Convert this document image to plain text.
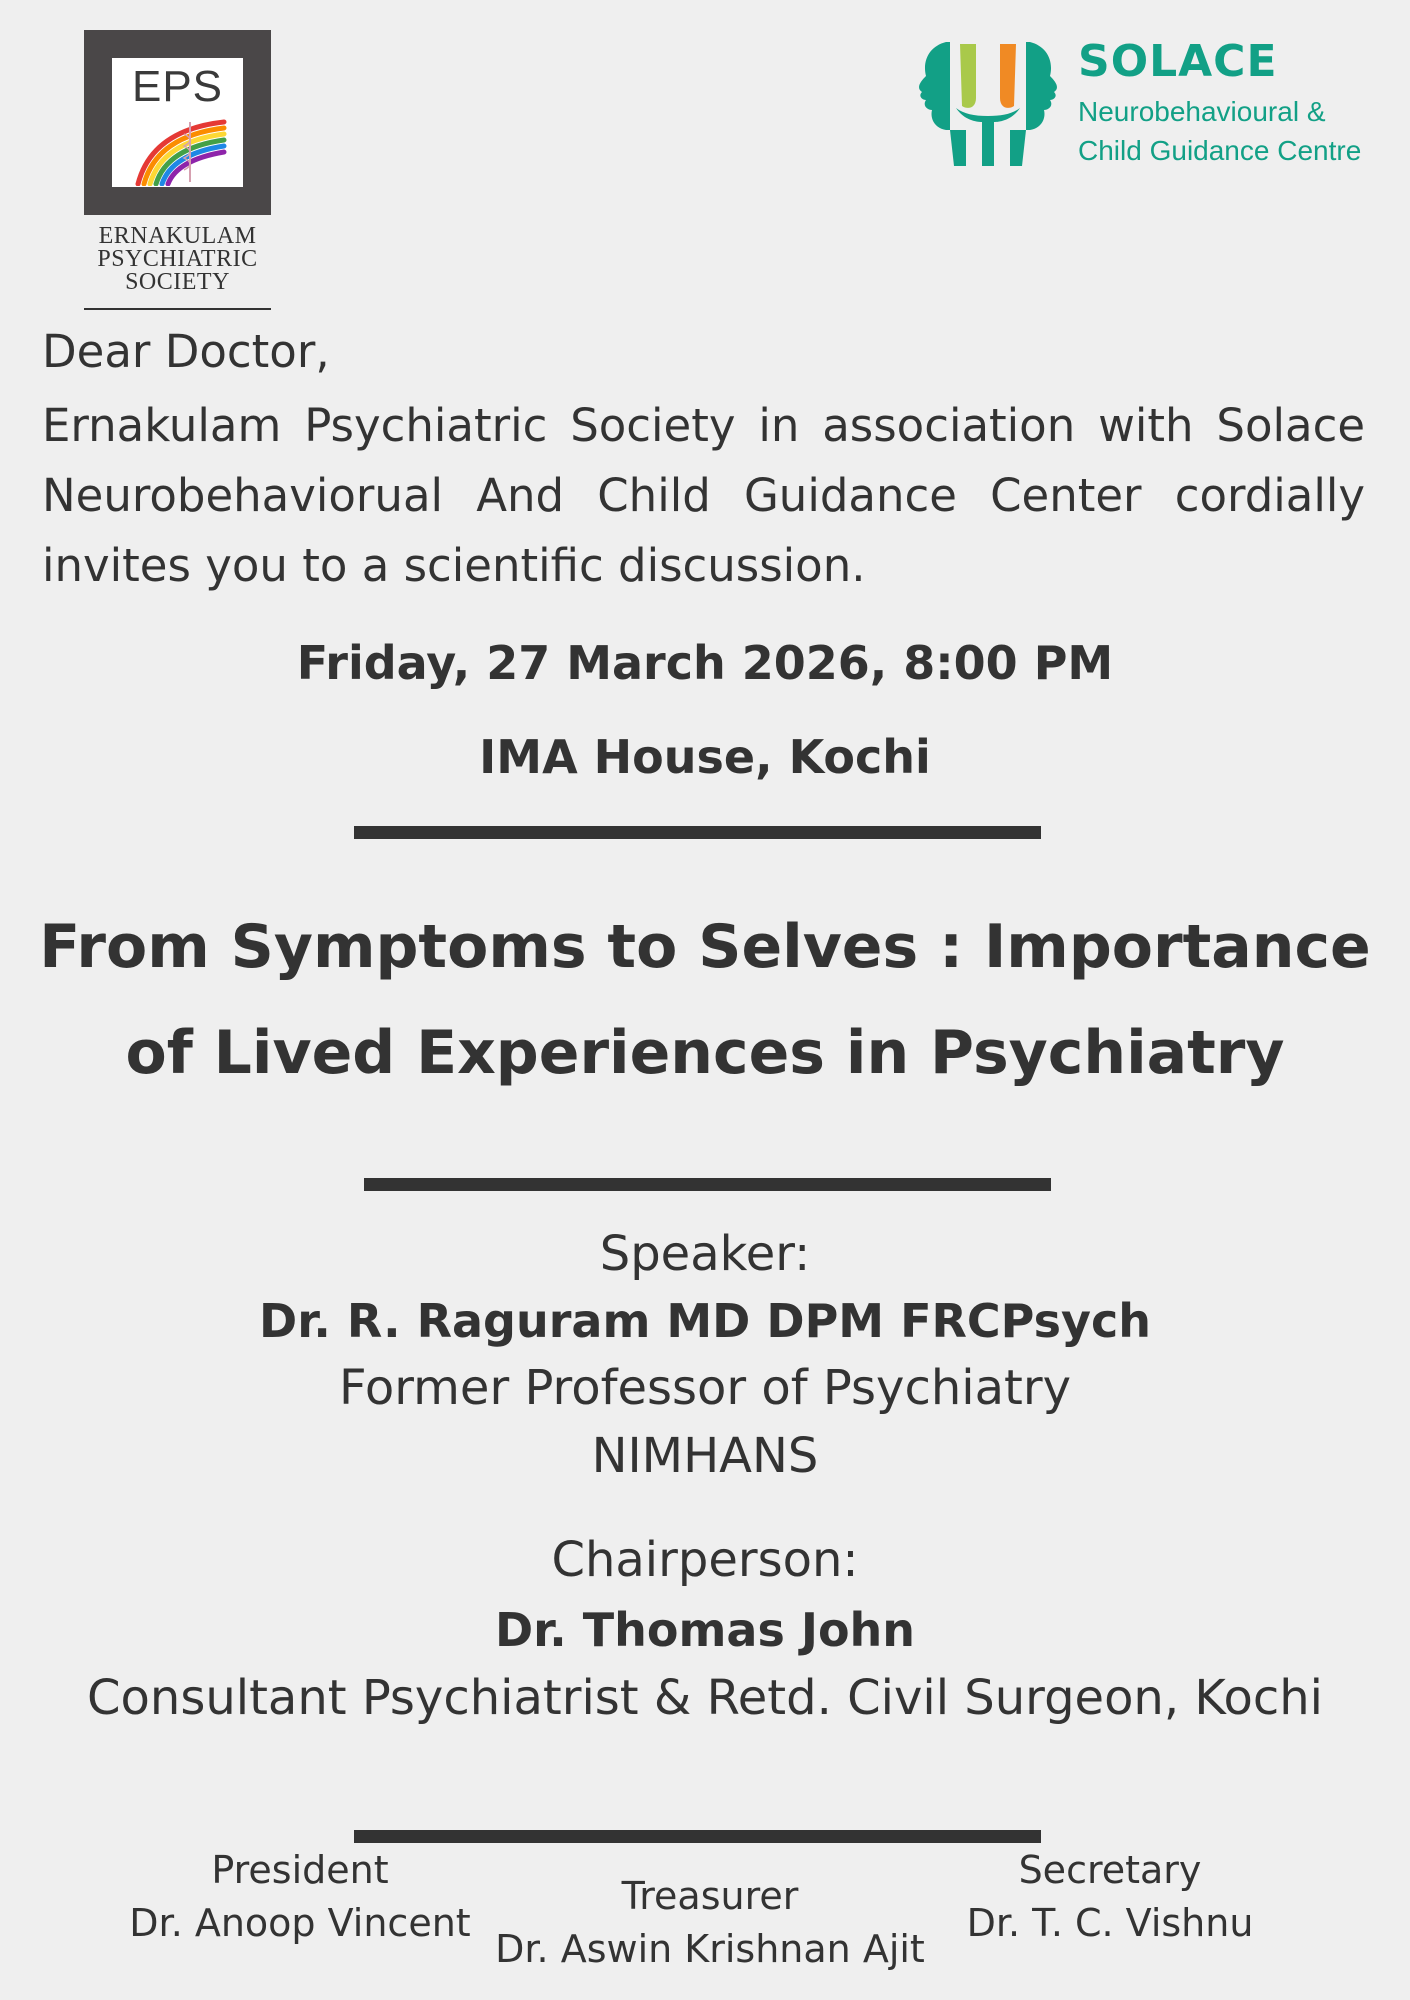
EPS
ERNAKULAM
PSYCHIATRIC
SOCIETY
SOLACE
Neurobehavioural &
Child Guidance Centre
Dear Doctor,
Ernakulam Psychiatric Society in association with Solace Neurobehaviorual And Child Guidance Center cordially invites you to a scientific discussion.
Friday, 27 March 2026, 8:00 PM
IMA House, Kochi
From Symptoms to Selves : Importance of Lived Experiences in Psychiatry
Speaker:
Dr. R. Raguram MD DPM FRCPsych
Former Professor of Psychiatry
NIMHANS
Chairperson:
Dr. Thomas John
Consultant Psychiatrist & Retd. Civil Surgeon, Kochi
President
Dr. Anoop Vincent
Treasurer
Dr. Aswin Krishnan Ajit
Secretary
Dr. T. C. Vishnu
